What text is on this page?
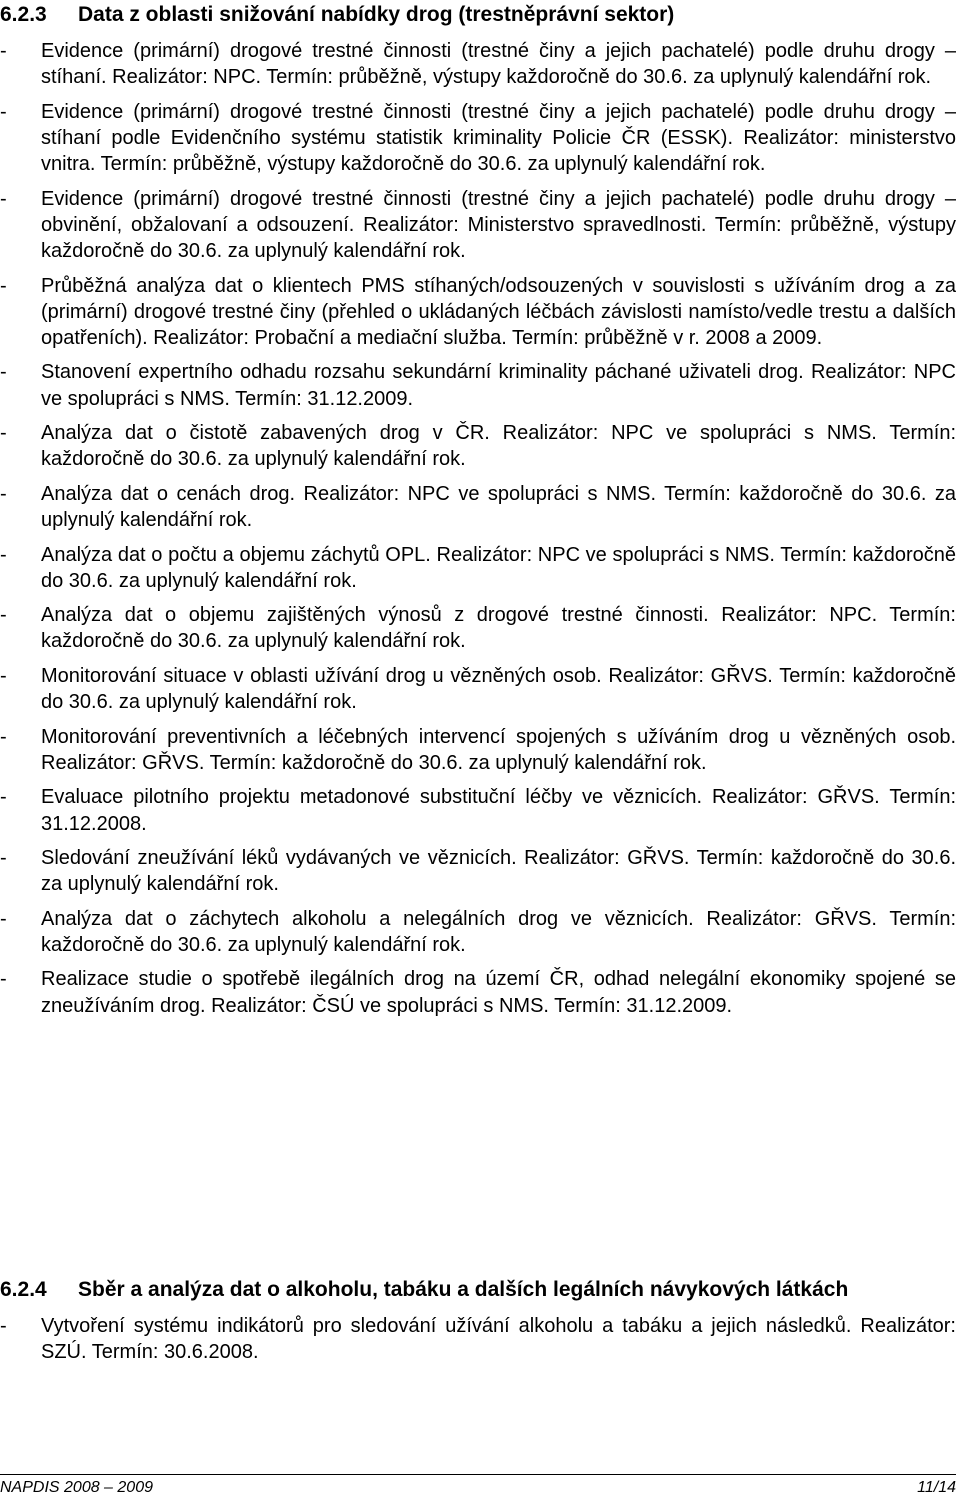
6.2.3 Data z oblasti snižování nabídky drog (trestněprávní sektor)
- Evidence (primární) drogové trestné činnosti (trestné činy a jejich pachatelé) podle druhu drogy – stíhaní. Realizátor: NPC. Termín: průběžně, výstupy každoročně do 30.6. za uplynulý kalendářní rok.
- Evidence (primární) drogové trestné činnosti (trestné činy a jejich pachatelé) podle druhu drogy – stíhaní podle Evidenčního systému statistik kriminality Policie ČR (ESSK). Realizátor: ministerstvo vnitra. Termín: průběžně, výstupy každoročně do 30.6. za uplynulý kalendářní rok.
- Evidence (primární) drogové trestné činnosti (trestné činy a jejich pachatelé) podle druhu drogy – obvinění, obžalovaní a odsouzení. Realizátor: Ministerstvo spravedlnosti. Termín: průběžně, výstupy každoročně do 30.6. za uplynulý kalendářní rok.
- Průběžná analýza dat o klientech PMS stíhaných/odsouzených v souvislosti s užíváním drog a za (primární) drogové trestné činy (přehled o ukládaných léčbách závislosti namísto/vedle trestu a dalších opatřeních). Realizátor: Probační a mediační služba. Termín: průběžně v r. 2008 a 2009.
- Stanovení expertního odhadu rozsahu sekundární kriminality páchané uživateli drog. Realizátor: NPC ve spolupráci s NMS. Termín: 31.12.2009.
- Analýza dat o čistotě zabavených drog v ČR. Realizátor: NPC ve spolupráci s NMS. Termín: každoročně do 30.6. za uplynulý kalendářní rok.
- Analýza dat o cenách drog. Realizátor: NPC ve spolupráci s NMS. Termín: každoročně do 30.6. za uplynulý kalendářní rok.
- Analýza dat o počtu a objemu záchytů OPL. Realizátor: NPC ve spolupráci s NMS. Termín: každoročně do 30.6. za uplynulý kalendářní rok.
- Analýza dat o objemu zajištěných výnosů z drogové trestné činnosti. Realizátor: NPC. Termín: každoročně do 30.6. za uplynulý kalendářní rok.
- Monitorování situace v oblasti užívání drog u vězněných osob. Realizátor: GŘVS. Termín: každoročně do 30.6. za uplynulý kalendářní rok.
- Monitorování preventivních a léčebných intervencí spojených s užíváním drog u vězněných osob. Realizátor: GŘVS. Termín: každoročně do 30.6. za uplynulý kalendářní rok.
- Evaluace pilotního projektu metadonové substituční léčby ve věznicích. Realizátor: GŘVS. Termín: 31.12.2008.
- Sledování zneužívání léků vydávaných ve věznicích. Realizátor: GŘVS. Termín: každoročně do 30.6. za uplynulý kalendářní rok.
- Analýza dat o záchytech alkoholu a nelegálních drog ve věznicích. Realizátor: GŘVS. Termín: každoročně do 30.6. za uplynulý kalendářní rok.
- Realizace studie o spotřebě ilegálních drog na území ČR, odhad nelegální ekonomiky spojené se zneužíváním drog. Realizátor: ČSÚ ve spolupráci s NMS. Termín: 31.12.2009.
6.2.4 Sběr a analýza dat o alkoholu, tabáku a dalších legálních návykových látkách
- Vytvoření systému indikátorů pro sledování užívání alkoholu a tabáku a jejich následků. Realizátor: SZÚ. Termín: 30.6.2008.
NAPDIS 2008 – 2009	11/14
